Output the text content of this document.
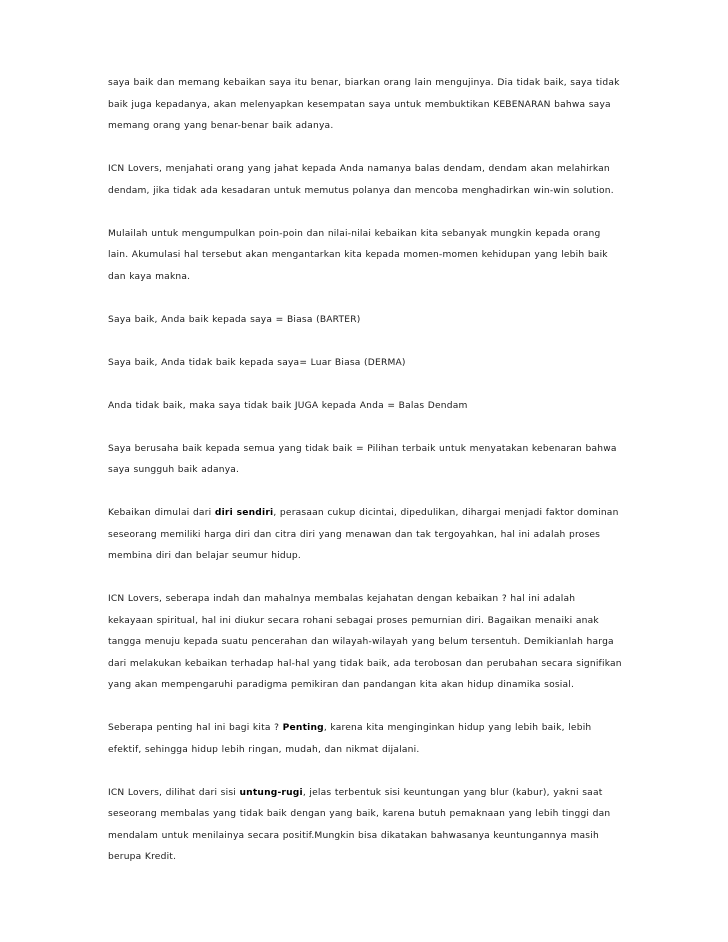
saya baik dan memang kebaikan saya itu benar, biarkan orang lain mengujinya. Dia tidak baik, saya tidak
baik juga kepadanya, akan melenyapkan kesempatan saya untuk membuktikan KEBENARAN bahwa saya
memang orang yang benar-benar baik adanya.
ICN Lovers, menjahati orang yang jahat kepada Anda namanya balas dendam, dendam akan melahirkan
dendam, jika tidak ada kesadaran untuk memutus polanya dan mencoba menghadirkan win-win solution.
Mulailah untuk mengumpulkan poin-poin dan nilai-nilai kebaikan kita sebanyak mungkin kepada orang
lain. Akumulasi hal tersebut akan mengantarkan kita kepada momen-momen kehidupan yang lebih baik
dan kaya makna.
Saya baik, Anda baik kepada saya = Biasa (BARTER)
Saya baik, Anda tidak baik kepada saya= Luar Biasa (DERMA)
Anda tidak baik, maka saya tidak baik JUGA kepada Anda = Balas Dendam
Saya berusaha baik kepada semua yang tidak baik = Pilihan terbaik untuk menyatakan kebenaran bahwa
saya sungguh baik adanya.
Kebaikan dimulai dari diri sendiri, perasaan cukup dicintai, dipedulikan, dihargai menjadi faktor dominan
seseorang memiliki harga diri dan citra diri yang menawan dan tak tergoyahkan, hal ini adalah proses
membina diri dan belajar seumur hidup.
ICN Lovers, seberapa indah dan mahalnya membalas kejahatan dengan kebaikan ? hal ini adalah
kekayaan spiritual, hal ini diukur secara rohani sebagai proses pemurnian diri. Bagaikan menaiki anak
tangga menuju kepada suatu pencerahan dan wilayah-wilayah yang belum tersentuh. Demikianlah harga
dari melakukan kebaikan terhadap hal-hal yang tidak baik, ada terobosan dan perubahan secara signifikan
yang akan mempengaruhi paradigma pemikiran dan pandangan kita akan hidup dinamika sosial.
Seberapa penting hal ini bagi kita ? Penting, karena kita menginginkan hidup yang lebih baik, lebih
efektif, sehingga hidup lebih ringan, mudah, dan nikmat dijalani.
ICN Lovers, dilihat dari sisi untung-rugi, jelas terbentuk sisi keuntungan yang blur (kabur), yakni saat
seseorang membalas yang tidak baik dengan yang baik, karena butuh pemaknaan yang lebih tinggi dan
mendalam untuk menilainya secara positif.Mungkin bisa dikatakan bahwasanya keuntungannya masih
berupa Kredit.
